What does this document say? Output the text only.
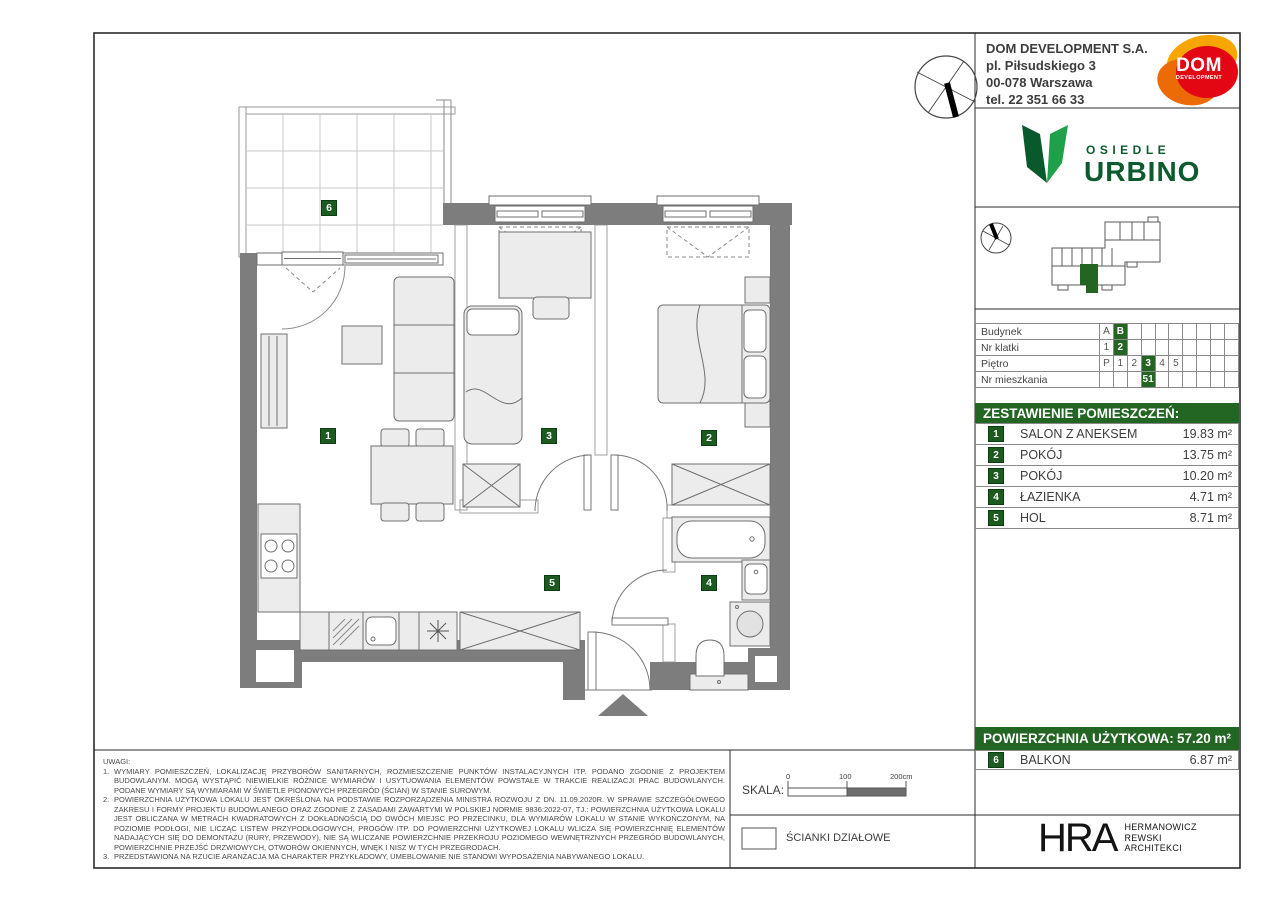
DOM DEVELOPMENT S.A.
pl. Piłsudskiego 3
00-078 Warszawa
tel. 22 351 66 33
DOM
DEVELOPMENT
OSIEDLE
URBINO
Budynek	A	B								
Nr klatki	1	2								
Piętro	P	1	2	3	4	5				
Nr mieszkania				51						
ZESTAWIENIE POMIESZCZEŃ:
1	SALON Z ANEKSEM	19.83 m²
2	POKÓJ	13.75 m²
3	POKÓJ	10.20 m²
4	ŁAZIENKA	4.71 m²
5	HOL	8.71 m²
POWIERZCHNIA UŻYTKOWA: 57.20 m²
6	BALKON	6.87 m²
HRA HERMANOWICZ
REWSKI
ARCHITEKCI
1	2
3
4
5
6
UWAGI:
1. WYMIARY POMIESZCZEŃ, LOKALIZACJĘ PRZYBORÓW SANITARNYCH, ROZMIESZCZENIE PUNKTÓW INSTALACYJNYCH ITP. PODANO ZGODNIE Z PROJEKTEM BUDOWLANYM. MOGĄ WYSTĄPIĆ NIEWIELKIE RÓŻNICE WYMIARÓW I USYTUOWANIA ELEMENTÓW POWSTAŁE W TRAKCIE REALIZACJI PRAC BUDOWLANYCH. PODANE WYMIARY SĄ WYMIARAMI W ŚWIETLE PIONOWYCH PRZEGRÓD (ŚCIAN) W STANIE SUROWYM.
2. POWIERZCHNIA UŻYTKOWA LOKALU JEST OKREŚLONA NA PODSTAWIE ROZPORZĄDZENIA MINISTRA ROZWOJU Z DN. 11.09.2020R. W SPRAWIE SZCZEGÓŁOWEGO ZAKRESU I FORMY PROJEKTU BUDOWLANEGO ORAZ ZGODNIE Z ZASADAMI ZAWARTYMI W POLSKIEJ NORMIE 9836:2022-07, TJ.: POWIERZCHNIA UŻYTKOWA LOKALU JEST OBLICZANA W METRACH KWADRATOWYCH Z DOKŁADNOŚCIĄ DO DWÓCH MIEJSC PO PRZECINKU, DLA WYMIARÓW LOKALU W STANIE WYKOŃCZONYM, NA POZIOMIE PODŁOGI, NIE LICZĄC LISTEW PRZYPODŁOGOWYCH, PROGÓW ITP. DO POWIERZCHNI UŻYTKOWEJ LOKALU WLICZA SIĘ POWIERZCHNIĘ ELEMENTÓW NADAJĄCYCH SIĘ DO DEMONTAŻU (RURY, PRZEWODY), NIE SĄ WLICZANE POWIERZCHNIE PRZEKROJU POZIOMEGO WEWNĘTRZNYCH PRZEGRÓD BUDOWLANYCH, POWIERZCHNIE PRZEJŚĆ DRZWIOWYCH, OTWORÓW OKIENNYCH, WNĘK I NISZ W TYCH PRZEGRODACH.
3. PRZEDSTAWIONA NA RZUCIE ARANŻACJA MA CHARAKTER PRZYKŁADOWY, UMEBLOWANIE NIE STANOWI WYPOSAŻENIA NABYWANEGO LOKALU.
SKALA:
0	100	200cm
ŚCIANKI DZIAŁOWE
